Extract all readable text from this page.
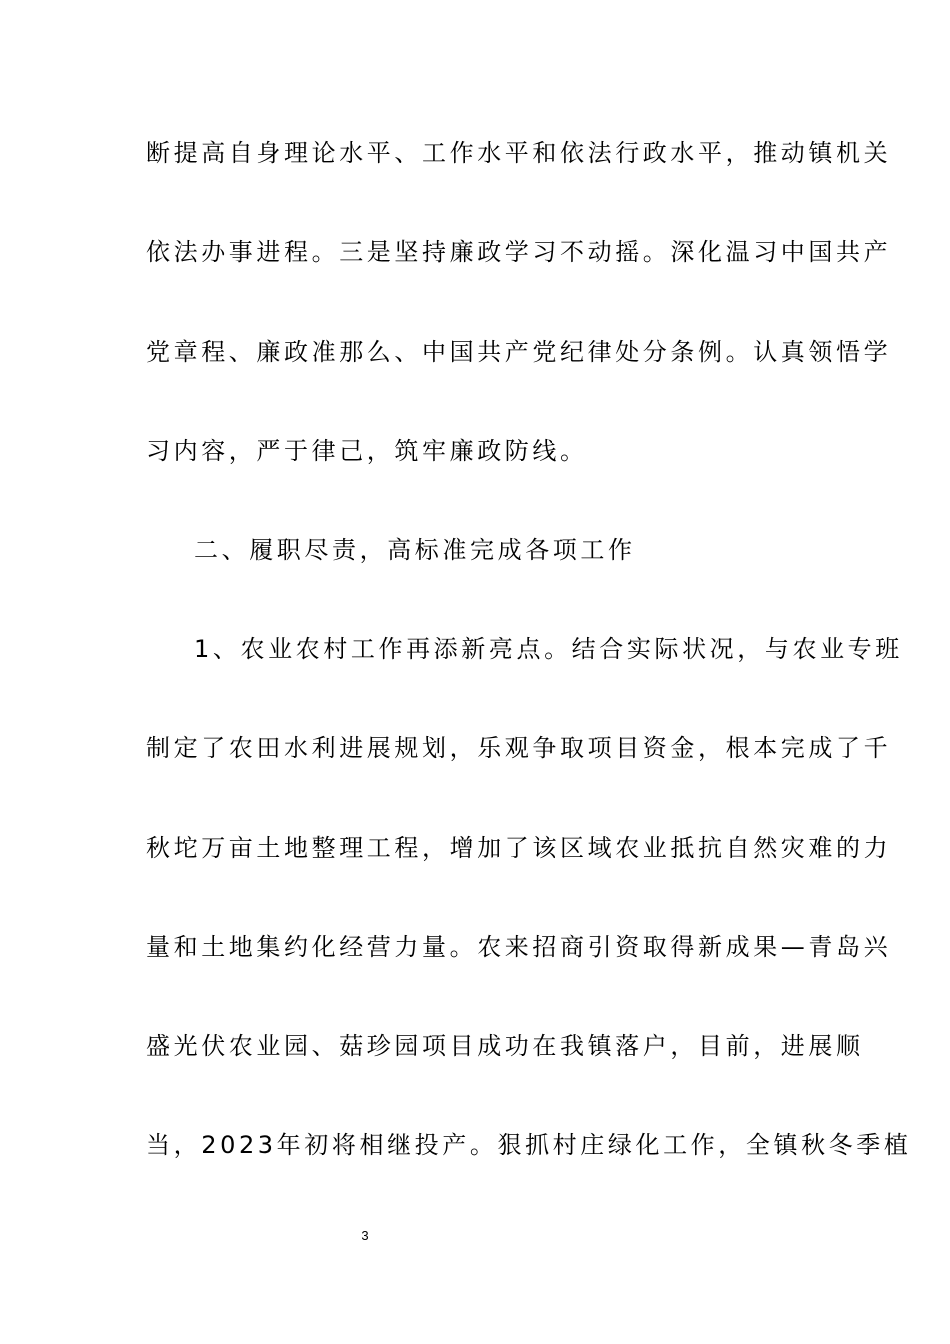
断提高自身理论水平、工作水平和依法行政水平，推动镇机关
依法办事进程。三是坚持廉政学习不动摇。深化温习中国共产
党章程、廉政准那么、中国共产党纪律处分条例。认真领悟学
习内容，严于律己，筑牢廉政防线。
二、履职尽责，高标准完成各项工作
1、农业农村工作再添新亮点。结合实际状况，与农业专班
制定了农田水利进展规划，乐观争取项目资金，根本完成了千
秋坨万亩土地整理工程，增加了该区域农业抵抗自然灾难的力
量和土地集约化经营力量。农来招商引资取得新成果—青岛兴
盛光伏农业园、菇珍园项目成功在我镇落户，目前，进展顺
当，2023年初将相继投产。狠抓村庄绿化工作，全镇秋冬季植
3
